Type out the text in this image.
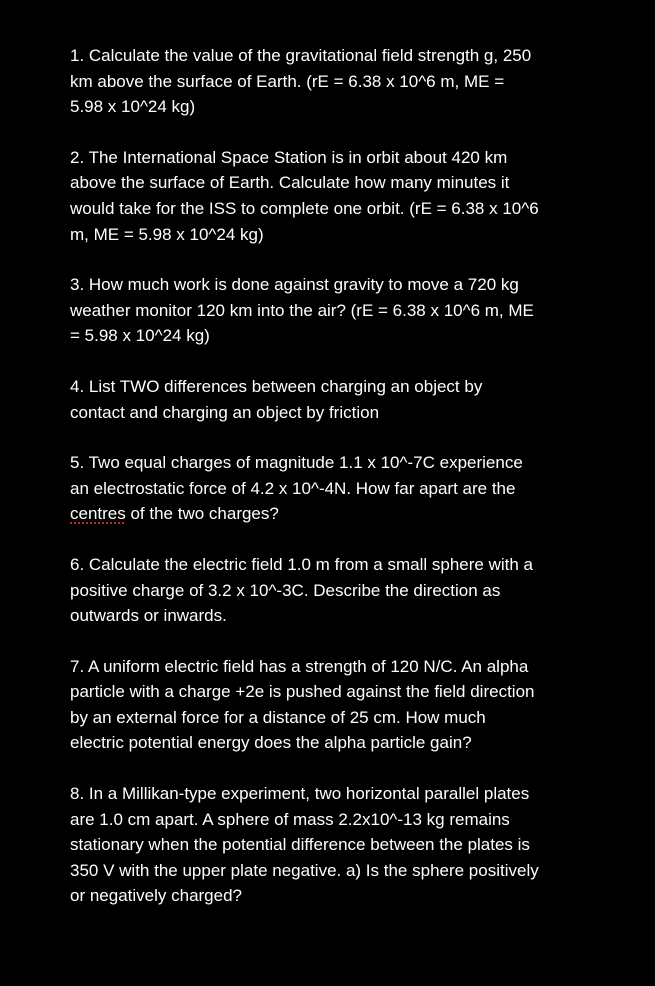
1. Calculate the value of the gravitational field strength g, 250 km above the surface of Earth. (rE = 6.38 x 10^6 m, ME = 5.98 x 10^24 kg)
2. The International Space Station is in orbit about 420 km above the surface of Earth. Calculate how many minutes it would take for the ISS to complete one orbit. (rE = 6.38 x 10^6 m, ME = 5.98 x 10^24 kg)
3. How much work is done against gravity to move a 720 kg weather monitor 120 km into the air? (rE = 6.38 x 10^6 m, ME = 5.98 x 10^24 kg)
4. List TWO differences between charging an object by contact and charging an object by friction
5. Two equal charges of magnitude 1.1 x 10^-7C experience an electrostatic force of 4.2 x 10^-4N. How far apart are the centres of the two charges?
6. Calculate the electric field 1.0 m from a small sphere with a positive charge of 3.2 x 10^-3C. Describe the direction as outwards or inwards.
7. A uniform electric field has a strength of 120 N/C. An alpha particle with a charge +2e is pushed against the field direction by an external force for a distance of 25 cm. How much electric potential energy does the alpha particle gain?
8. In a Millikan-type experiment, two horizontal parallel plates are 1.0 cm apart. A sphere of mass 2.2x10^-13 kg remains stationary when the potential difference between the plates is 350 V with the upper plate negative. a) Is the sphere positively or negatively charged?
